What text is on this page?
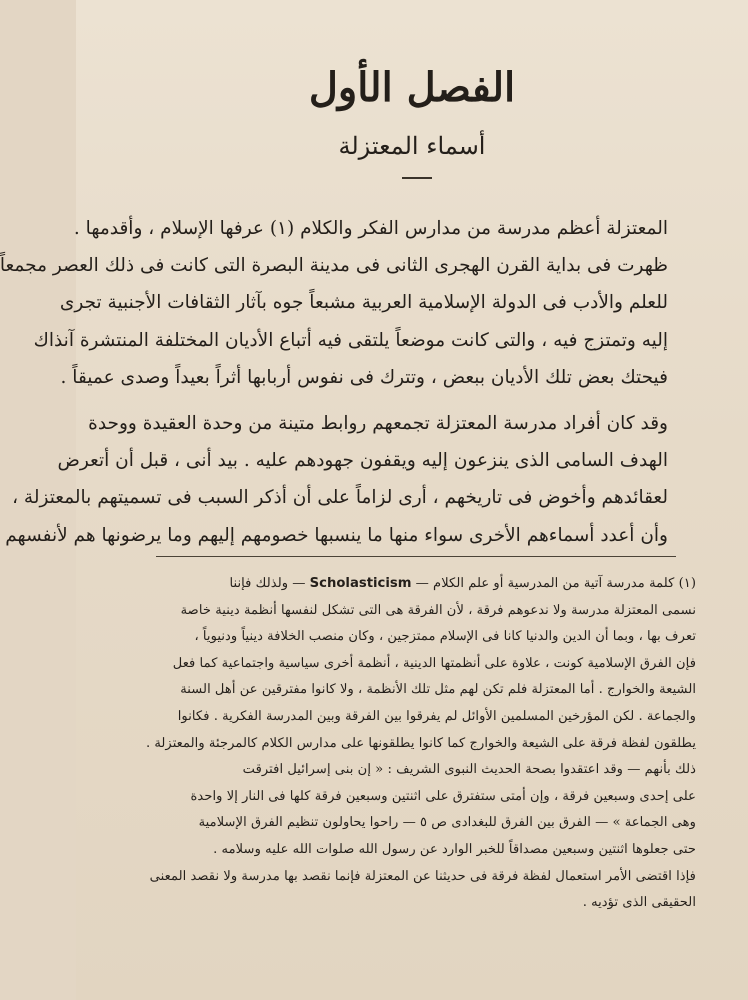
الفصل الأول
أسماء المعتزلة
المعتزلة أعظم مدرسة من مدارس الفكر والكلام (١) عرفها الإسلام ، وأقدمها .
ظهرت فى بداية القرن الهجرى الثانى فى مدينة البصرة التى كانت فى ذلك العصر مجمعاً
للعلم والأدب فى الدولة الإسلامية العربية مشبعاً جوه بآثار الثقافات الأجنبية تجرى
إليه وتمتزج فيه ، والتى كانت موضعاً يلتقى فيه أتباع الأديان المختلفة المنتشرة آنذاك
فيحتك بعض تلك الأديان ببعض ، وتترك فى نفوس أربابها أثراً بعيداً وصدى عميقاً .
وقد كان أفراد مدرسة المعتزلة تجمعهم روابط متينة من وحدة العقيدة ووحدة
الهدف السامى الذى ينزعون إليه ويقفون جهودهم عليه . بيد أنى ، قبل أن أتعرض
لعقائدهم وأخوض فى تاريخهم ، أرى لزاماً على أن أذكر السبب فى تسميتهم بالمعتزلة ،
وأن أعدد أسماءهم الأخرى سواء منها ما ينسبها خصومهم إليهم وما يرضونها هم لأنفسهم
(١) كلمة مدرسة آتية من المدرسية أو علم الكلام — Scholasticism — ولذلك فإننا
نسمى المعتزلة مدرسة ولا ندعوهم فرقة ، لأن الفرقة هى التى تشكل لنفسها أنظمة دينية خاصة
تعرف بها ، وبما أن الدين والدنيا كانا فى الإسلام ممتزجين ، وكان منصب الخلافة دينياً ودنيوياً ،
فإن الفرق الإسلامية كونت ، علاوة على أنظمتها الدينية ، أنظمة أخرى سياسية واجتماعية كما فعل
الشيعة والخوارج . أما المعتزلة فلم تكن لهم مثل تلك الأنظمة ، ولا كانوا مفترقين عن أهل السنة
والجماعة . لكن المؤرخين المسلمين الأوائل لم يفرقوا بين الفرقة وبين المدرسة الفكرية . فكانوا
يطلقون لفظة فرقة على الشيعة والخوارج كما كانوا يطلقونها على مدارس الكلام كالمرجئة والمعتزلة .
ذلك بأنهم — وقد اعتقدوا بصحة الحديث النبوى الشريف : « إن بنى إسرائيل افترقت
على إحدى وسبعين فرقة ، وإن أمتى ستفترق على اثنتين وسبعين فرقة كلها فى النار إلا واحدة
وهى الجماعة » — الفرق بين الفرق للبغدادى ص ٥ — راحوا يحاولون تنظيم الفرق الإسلامية
حتى جعلوها اثنتين وسبعين مصداقاً للخبر الوارد عن رسول الله صلوات الله عليه وسلامه .
فإذا اقتضى الأمر استعمال لفظة فرقة فى حديثنا عن المعتزلة فإنما نقصد بها مدرسة ولا نقصد المعنى
الحقيقى الذى تؤديه .
